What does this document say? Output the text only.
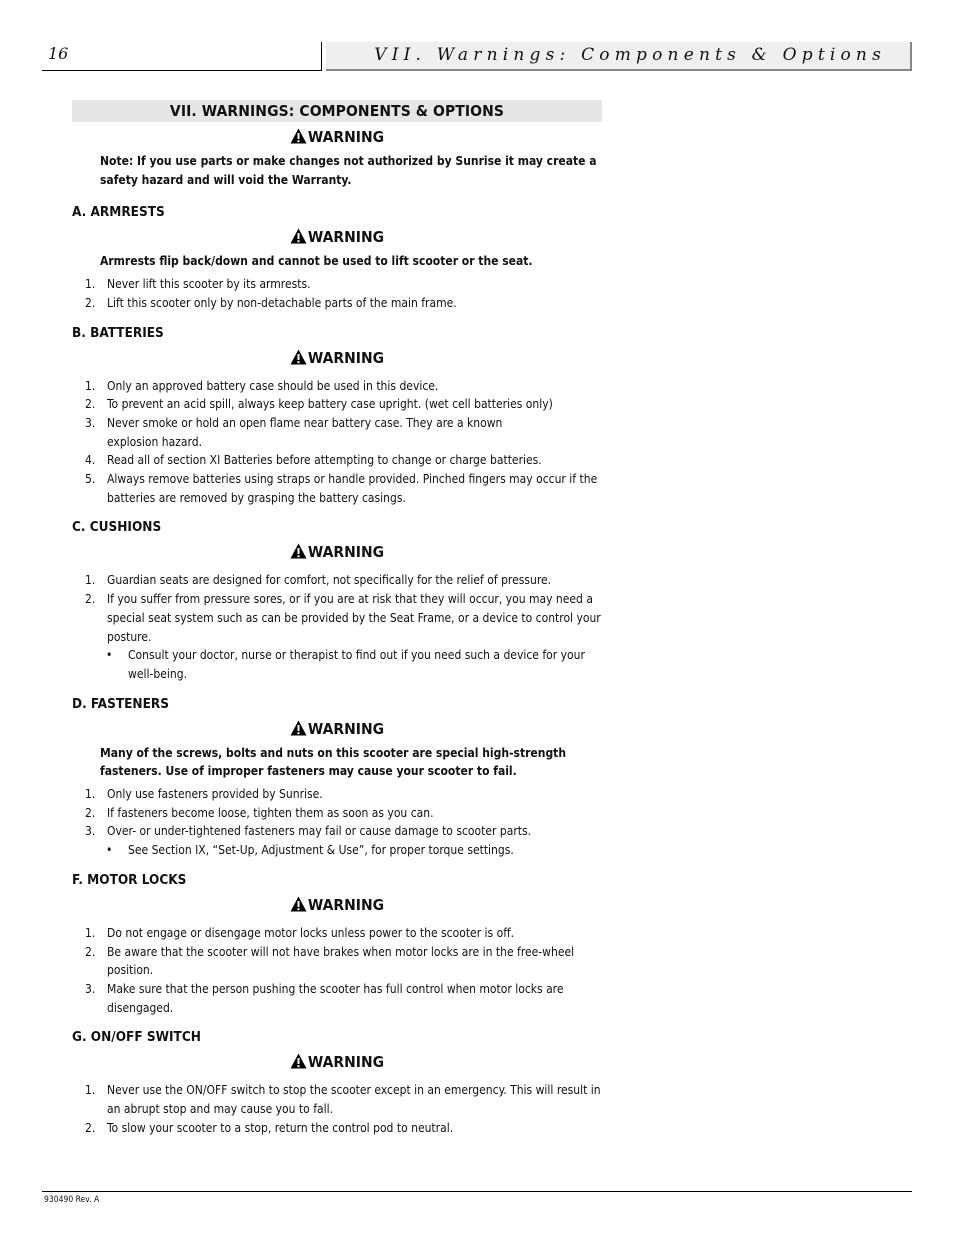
16	VII. Warnings: Components & Options
VII. WARNINGS: COMPONENTS & OPTIONS
WARNING
Note: If you use parts or make changes not authorized by Sunrise it may create a safety hazard and will void the Warranty.
A. ARMRESTS
WARNING
Armrests flip back/down and cannot be used to lift scooter or the seat.
1. Never lift this scooter by its armrests.
2. Lift this scooter only by non-detachable parts of the main frame.
B. BATTERIES
WARNING
1. Only an approved battery case should be used in this device.
2. To prevent an acid spill, always keep battery case upright. (wet cell batteries only)
3. Never smoke or hold an open flame near battery case. They are a known explosion hazard.
4. Read all of section XI Batteries before attempting to change or charge batteries.
5. Always remove batteries using straps or handle provided. Pinched fingers may occur if the batteries are removed by grasping the battery casings.
C. CUSHIONS
WARNING
1. Guardian seats are designed for comfort, not specifically for the relief of pressure.
2. If you suffer from pressure sores, or if you are at risk that they will occur, you may need a special seat system such as can be provided by the Seat Frame, or a device to control your posture.
• Consult your doctor, nurse or therapist to find out if you need such a device for your well-being.
D. FASTENERS
WARNING
Many of the screws, bolts and nuts on this scooter are special high-strength fasteners. Use of improper fasteners may cause your scooter to fail.
1. Only use fasteners provided by Sunrise.
2. If fasteners become loose, tighten them as soon as you can.
3. Over- or under-tightened fasteners may fail or cause damage to scooter parts.
• See Section IX, “Set-Up, Adjustment & Use”, for proper torque settings.
F. MOTOR LOCKS
WARNING
1. Do not engage or disengage motor locks unless power to the scooter is off.
2. Be aware that the scooter will not have brakes when motor locks are in the free-wheel position.
3. Make sure that the person pushing the scooter has full control when motor locks are disengaged.
G. ON/OFF SWITCH
WARNING
1. Never use the ON/OFF switch to stop the scooter except in an emergency. This will result in an abrupt stop and may cause you to fall.
2. To slow your scooter to a stop, return the control pod to neutral.
930490 Rev. A
